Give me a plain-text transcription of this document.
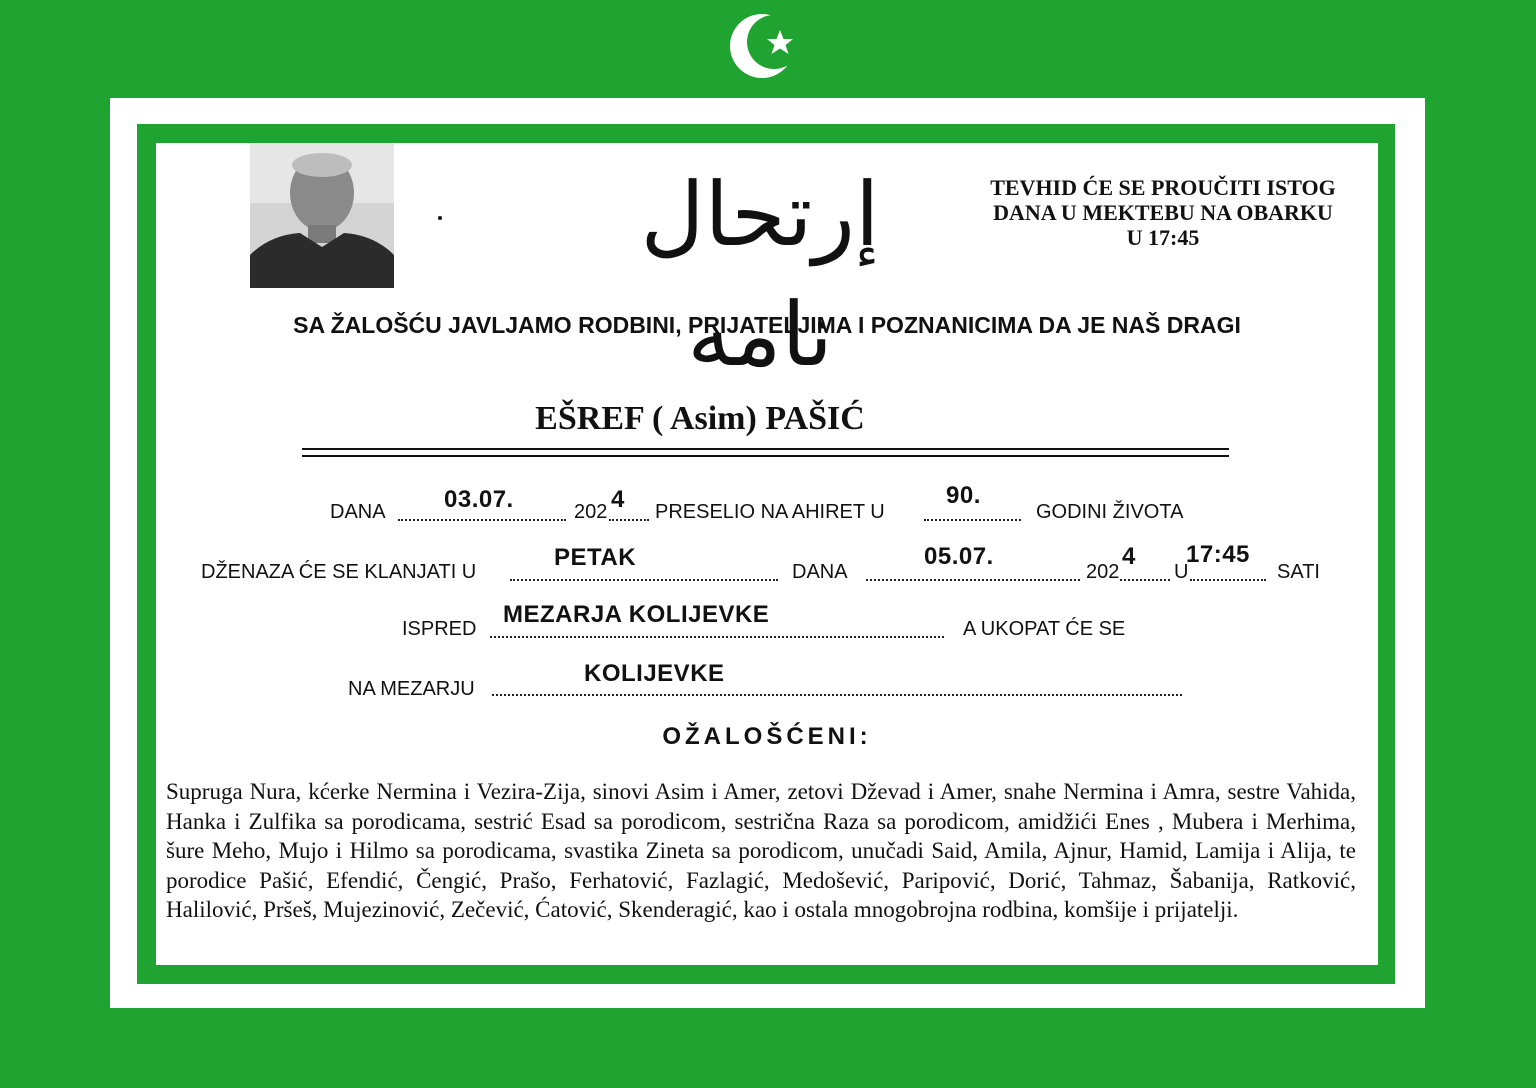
إرتحال نامه
TEVHID ĆE SE PROUČITI ISTOG
DANA U MEKTEBU NA OBARKU
U 17:45
SA ŽALOŠĆU JAVLJAMO RODBINI, PRIJATELJIMA I POZNANICIMA DA JE NAŠ DRAGI
EŠREF ( Asim) PAŠIĆ
DANA 03.07.	202 4 PRESELIO NA AHIRET U
90.
GODINI ŽIVOTA
DŽENAZA ĆE SE KLANJATI U
PETAK
DANA
05.07.
202
4
U
17:45
SATI
ISPRED
MEZARJA KOLIJEVKE
A UKOPAT ĆE SE
NA MEZARJU
KOLIJEVKE
OŽALOŠĆENI:
Supruga Nura, kćerke Nermina i Vezira-Zija, sinovi Asim i Amer, zetovi Dževad i Amer, snahe Nermina i Amra, sestre Vahida, Hanka i Zulfika sa porodicama, sestrić Esad sa porodicom, sestrična Raza sa porodicom, amidžići Enes , Mubera i Merhima, šure Meho, Mujo i Hilmo sa porodicama, svastika Zineta sa porodicom, unučadi Said, Amila, Ajnur, Hamid, Lamija i Alija, te porodice Pašić, Efendić, Čengić, Prašo, Ferhatović, Fazlagić, Medošević, Paripović, Dorić, Tahmaz, Šabanija, Ratković, Halilović, Pršeš, Mujezinović, Zečević, Ćatović, Skenderagić, kao i ostala mnogobrojna rodbina, komšije i prijatelji.
